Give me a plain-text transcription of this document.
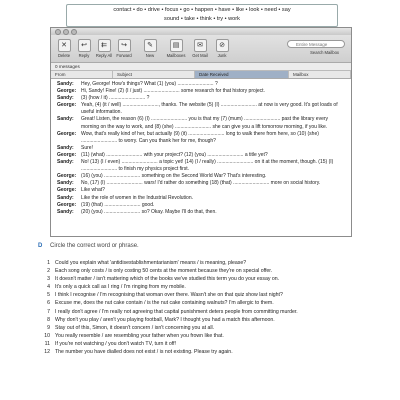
contact • do • drive • focus • go • happen • have • like • look • need • say
sound • take • think • try • work
✕
Delete
↩
Reply
⇇
Reply All
↪
Forward
✎
New
▤
Mailboxes
✉
Get Mail
⊘
Junk
Entire Message
Search Mailbox
0 messages
From	Subject	Date Received	Mailbox
Sandy:	Hey, George! How's things? What (1) (you) .......................... ?
George: Hi, Sandy! Fine! (2) (I / just) .......................... some research for that history project.
Sandy:	(3) (how / it) .......................... ?
George: Yeah, (4) (it / well) .........................., thanks. The website (5) (I) .......................... at now is very good. It's got loads of useful information.
Sandy:	Great! Listen, the reason (6) (I) .......................... you is that my (7) (mum) .......................... past the library every morning on the way to work, and (8) (she) .......................... she can give you a lift tomorrow morning, if you like.
George: Wow, that's really kind of her, but actually (9) (it) .......................... long to walk there from here, so (10) (she) .......................... to worry. Can you thank her for me, though?
Sandy:	Sure!
George: (11) (what) .......................... with your project? (12) (you) .......................... a title yet?
Sandy:	No! (13) (I / even) .......................... a topic yet! (14) (I / really) .......................... on it at the moment, though. (15) (I) .......................... to finish my physics project first.
George: (16) (you) .......................... something on the Second World War? That's interesting.
Sandy:	No, (17) (I) .......................... wars! I'd rather do something (18) (that) .......................... more on social history.
George: Like what?
Sandy:	Like the role of women in the Industrial Revolution.
George: (19) (that) .......................... good.
Sandy:	(20) (you) .......................... so? Okay. Maybe I'll do that, then.
D Circle the correct word or phrase.
1 Could you explain what 'antidisestablishmentarianism' means / is meaning, please?
2 Each song only costs / is only costing 50 cents at the moment because they're on special offer.
3 It doesn't matter / isn't mattering which of the books we've studied this term you do your essay on.
4 It's only a quick call as I ring / I'm ringing from my mobile.
5 I think I recognise / I'm recognising that woman over there. Wasn't she on that quiz show last night?
6 Excuse me, does the nut cake contain / is the nut cake containing walnuts? I'm allergic to them.
7 I really don't agree / I'm really not agreeing that capital punishment deters people from committing murder.
8 Why don't you play / aren't you playing football, Mark? I thought you had a match this afternoon.
9 Stay out of this, Simon, it doesn't concern / isn't concerning you at all.
10 You really resemble / are resembling your father when you frown like that.
11 If you're not watching / you don't watch TV, turn it off!
12 The number you have dialled does not exist / is not existing. Please try again.
